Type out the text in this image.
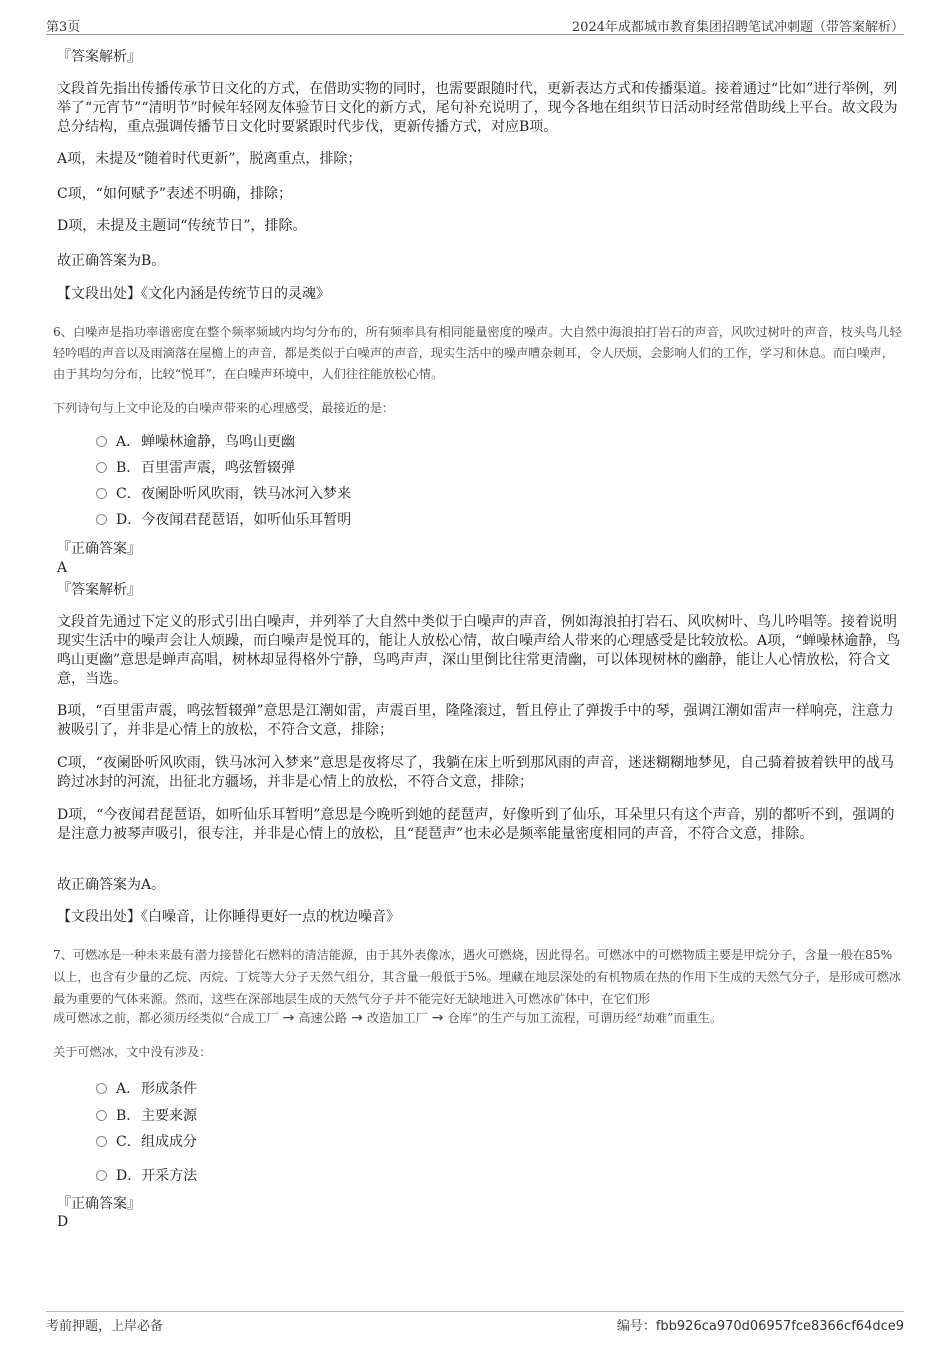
第3页	2024年成都城市教育集团招聘笔试冲刺题（带答案解析）

『答案解析』

文段首先指出传播传承节日文化的方式，在借助实物的同时，也需要跟随时代，更新表达方式和传播渠道。接着通过“比如”进行举例，列举了“元宵节”“清明节”时候年轻网友体验节日文化的新方式，尾句补充说明了，现今各地在组织节日活动时经常借助线上平台。故文段为总分结构，重点强调传播节日文化时要紧跟时代步伐，更新传播方式，对应B项。

A项，未提及“随着时代更新”，脱离重点，排除；

C项，“如何赋予”表述不明确，排除；

D项，未提及主题词“传统节日”，排除。

故正确答案为B。

【文段出处】《文化内涵是传统节日的灵魂》

6、白噪声是指功率谱密度在整个频率频域内均匀分布的，所有频率具有相同能量密度的噪声。大自然中海浪拍打岩石的声音，风吹过树叶的声音，枝头鸟儿轻轻吟唱的声音以及雨滴落在屋檐上的声音，都是类似于白噪声的声音，现实生活中的噪声嘈杂刺耳，令人厌烦，会影响人们的工作，学习和休息。而白噪声，由于其均匀分布，比较“悦耳”，在白噪声环境中，人们往往能放松心情。

下列诗句与上文中论及的白噪声带来的心理感受，最接近的是：

A．蝉噪林逾静，鸟鸣山更幽
B．百里雷声震，鸣弦暂辍弹
C．夜阑卧听风吹雨，铁马冰河入梦来
D．今夜闻君琵琶语，如听仙乐耳暂明

『正确答案』

A

『答案解析』

文段首先通过下定义的形式引出白噪声，并列举了大自然中类似于白噪声的声音，例如海浪拍打岩石、风吹树叶、鸟儿吟唱等。接着说明现实生活中的噪声会让人烦躁，而白噪声是悦耳的，能让人放松心情，故白噪声给人带来的心理感受是比较放松。A项，“蝉噪林逾静，鸟鸣山更幽”意思是蝉声高唱，树林却显得格外宁静，鸟鸣声声，深山里倒比往常更清幽，可以体现树林的幽静，能让人心情放松，符合文意，当选。

B项，“百里雷声震，鸣弦暂辍弹”意思是江潮如雷，声震百里，隆隆滚过，暂且停止了弹拨手中的琴，强调江潮如雷声一样响亮，注意力被吸引了，并非是心情上的放松，不符合文意，排除；

C项，“夜阑卧听风吹雨，铁马冰河入梦来”意思是夜将尽了，我躺在床上听到那风雨的声音，迷迷糊糊地梦见，自己骑着披着铁甲的战马跨过冰封的河流，出征北方疆场，并非是心情上的放松，不符合文意，排除；

D项，“今夜闻君琵琶语，如听仙乐耳暂明”意思是今晚听到她的琵琶声，好像听到了仙乐，耳朵里只有这个声音，别的都听不到，强调的是注意力被琴声吸引，很专注，并非是心情上的放松，且“琵琶声”也未必是频率能量密度相同的声音，不符合文意，排除。

故正确答案为A。

【文段出处】《白噪音，让你睡得更好一点的枕边噪音》

7、可燃冰是一种未来最有潜力接替化石燃料的清洁能源，由于其外表像冰，遇火可燃烧，因此得名。可燃冰中的可燃物质主要是甲烷分子，含量一般在85%以上，也含有少量的乙烷、丙烷、丁烷等大分子天然气组分，其含量一般低于5%。埋藏在地层深处的有机物质在热的作用下生成的天然气分子，是形成可燃冰最为重要的气体来源。然而，这些在深部地层生成的天然气分子并不能完好无缺地进入可燃冰矿体中，在它们形

成可燃冰之前，都必须历经类似“合成工厂 → 高速公路 → 改造加工厂 → 仓库”的生产与加工流程，可谓历经“劫难”而重生。

关于可燃冰，文中没有涉及：

A．形成条件
B．主要来源
C．组成成分
D．开采方法

『正确答案』

D

考前押题，上岸必备	编号：fbb926ca970d06957fce8366cf64dce9
